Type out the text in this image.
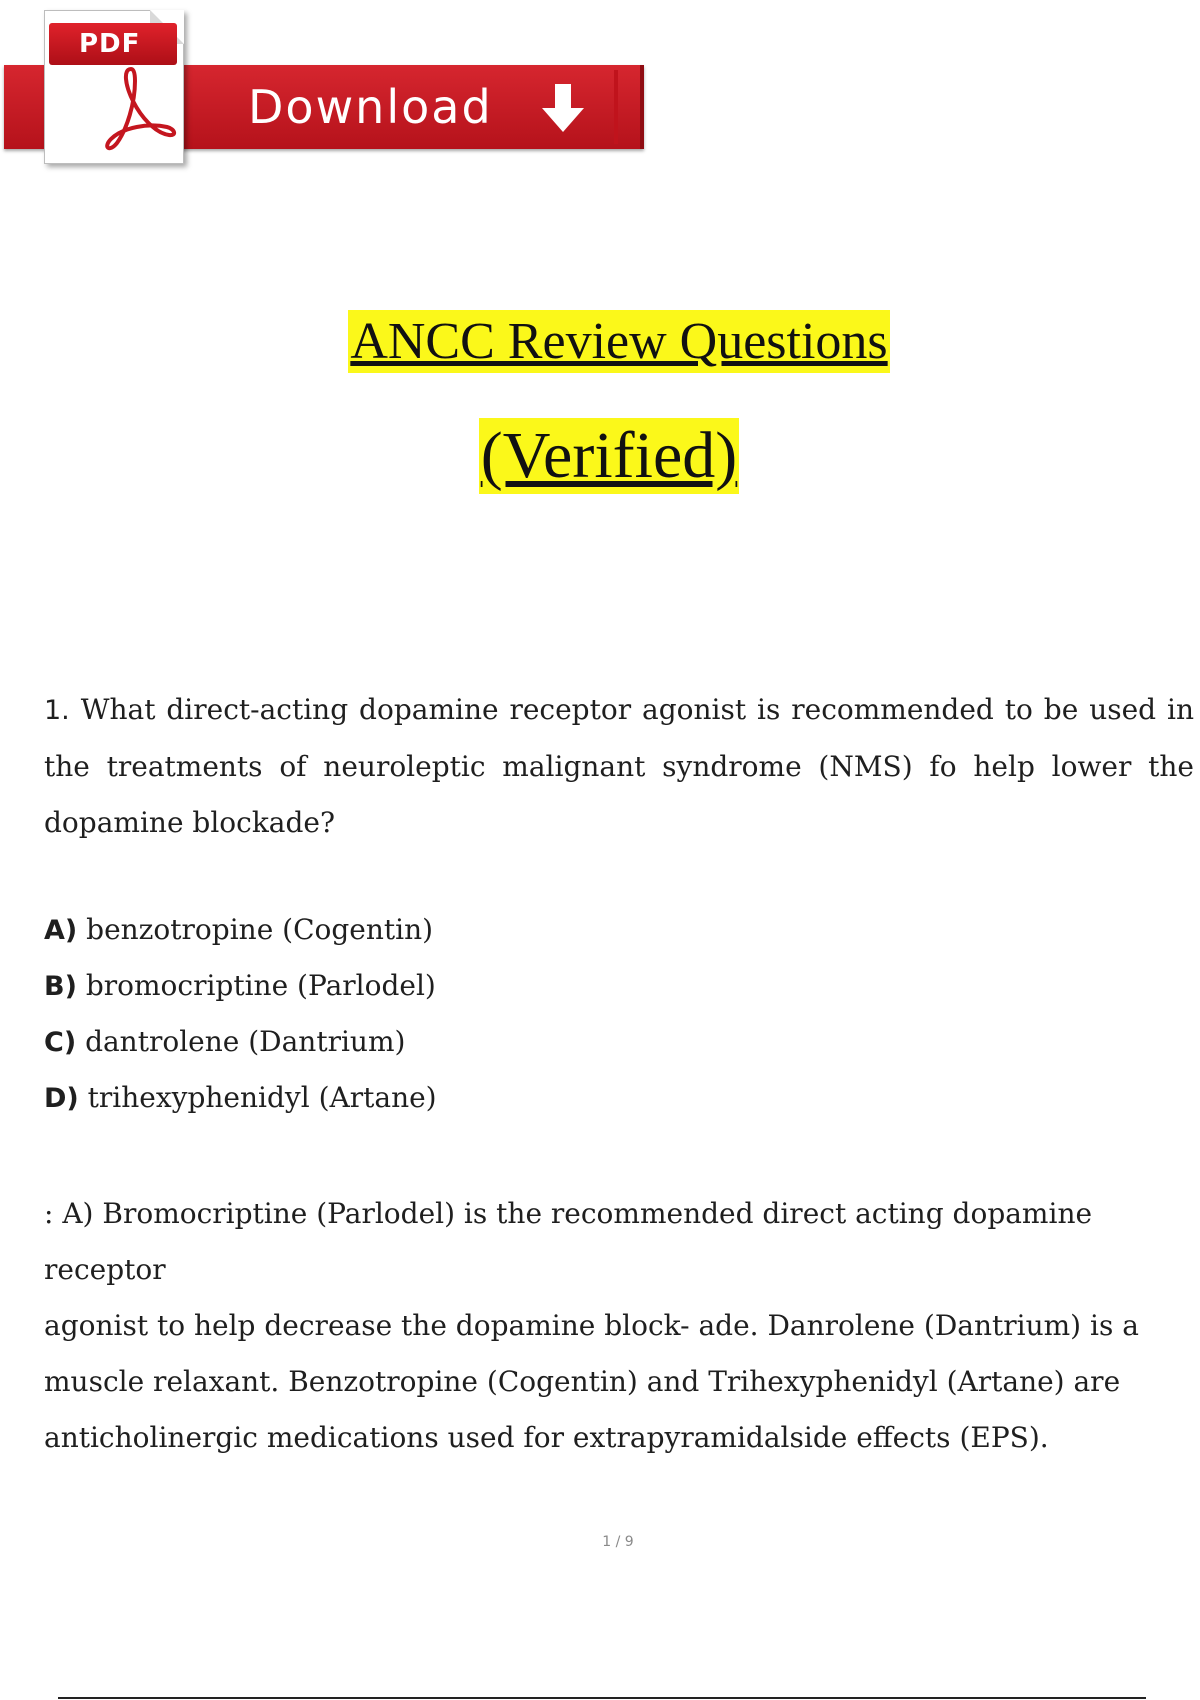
Download
PDF
ANCC Review Questions
(Verified)
1. What direct-acting dopamine receptor agonist is recommended to be used in the treatments of neuroleptic malignant syndrome (NMS) fo help lower the dopamine blockade?
A) benzotropine (Cogentin)
B) bromocriptine (Parlodel)
C) dantrolene (Dantrium)
D) trihexyphenidyl (Artane)
: A) Bromocriptine (Parlodel) is the recommended direct acting dopamine receptor
agonist to help decrease the dopamine block- ade. Danrolene (Dantrium) is a
muscle relaxant. Benzotropine (Cogentin) and Trihexyphenidyl (Artane) are
anticholinergic medications used for extrapyramidalside effects (EPS).
1 / 9
